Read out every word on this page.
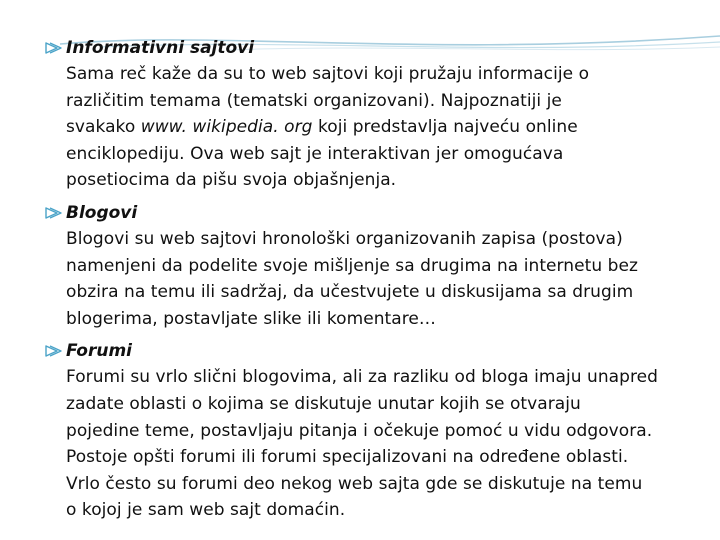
Informativni sajtovi
Sama reč kaže da su to web sajtovi koji pružaju informacije o
različitim temama (tematski organizovani). Najpoznatiji je
svakako www. wikipedia. org koji predstavlja najveću online
enciklopediju. Ova web sajt je interaktivan jer omogućava
posetiocima da pišu svoja objašnjenja.
Blogovi
Blogovi su web sajtovi hronološki organizovanih zapisa (postova)
namenjeni da podelite svoje mišljenje sa drugima na internetu bez
obzira na temu ili sadržaj, da učestvujete u diskusijama sa drugim
blogerima, postavljate slike ili komentare…
Forumi
Forumi su vrlo slični blogovima, ali za razliku od bloga imaju unapred
zadate oblasti o kojima se diskutuje unutar kojih se otvaraju
pojedine teme, postavljaju pitanja i očekuje pomoć u vidu odgovora.
Postoje opšti forumi ili forumi specijalizovani na određene oblasti.
Vrlo često su forumi deo nekog web sajta gde se diskutuje na temu
o kojoj je sam web sajt domaćin.
